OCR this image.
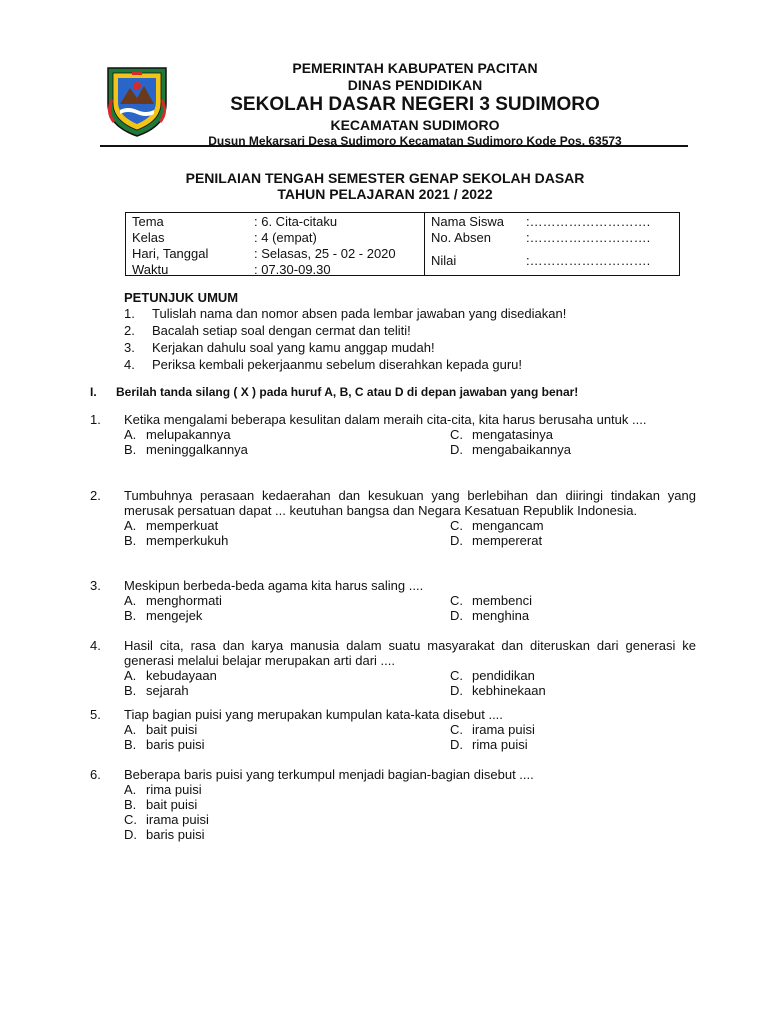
PEMERINTAH KABUPATEN PACITAN
DINAS PENDIDIKAN
SEKOLAH DASAR NEGERI 3 SUDIMORO
KECAMATAN SUDIMORO
Dusun Mekarsari Desa Sudimoro Kecamatan Sudimoro Kode Pos. 63573
PENILAIAN TENGAH SEMESTER GENAP SEKOLAH DASAR
TAHUN PELAJARAN 2021 / 2022
Tema	: 6. Cita-citaku
Kelas	: 4 (empat)
Hari, Tanggal	: Selasas, 25 - 02 - 2020
Waktu	: 07.30-09.30
Nama Siswa :……………………….
No. Absen	:……………………….
Nilai	:……………………….
PETUNJUK UMUM
1. Tulislah nama dan nomor absen pada lembar jawaban yang disediakan!
2. Bacalah setiap soal dengan cermat dan teliti!
3. Kerjakan dahulu soal yang kamu anggap mudah!
4. Periksa kembali pekerjaanmu sebelum diserahkan kepada guru!
I. Berilah tanda silang ( X ) pada huruf A, B, C atau D di depan jawaban yang benar!
1. Ketika mengalami beberapa kesulitan dalam meraih cita-cita, kita harus berusaha untuk ....
A. melupakannya	C. mengatasinya
B. meninggalkannya	D. mengabaikannya
2. Tumbuhnya perasaan kedaerahan dan kesukuan yang berlebihan dan diiringi tindakan yang merusak persatuan dapat ... keutuhan bangsa dan Negara Kesatuan Republik Indonesia.
A. memperkuat	C. mengancam
B. memperkukuh	D. mempererat
3. Meskipun berbeda-beda agama kita harus saling ....
A. menghormati	C. membenci
B. mengejek	D. menghina
4. Hasil cita, rasa dan karya manusia dalam suatu masyarakat dan diteruskan dari generasi ke generasi melalui belajar merupakan arti dari ....
A. kebudayaan	C. pendidikan
B. sejarah	D. kebhinekaan
5. Tiap bagian puisi yang merupakan kumpulan kata-kata disebut ....
A. bait puisi	C. irama puisi
B. baris puisi	D. rima puisi
6. Beberapa baris puisi yang terkumpul menjadi bagian-bagian disebut ....
A. rima puisi
B. bait puisi
C. irama puisi
D. baris puisi
